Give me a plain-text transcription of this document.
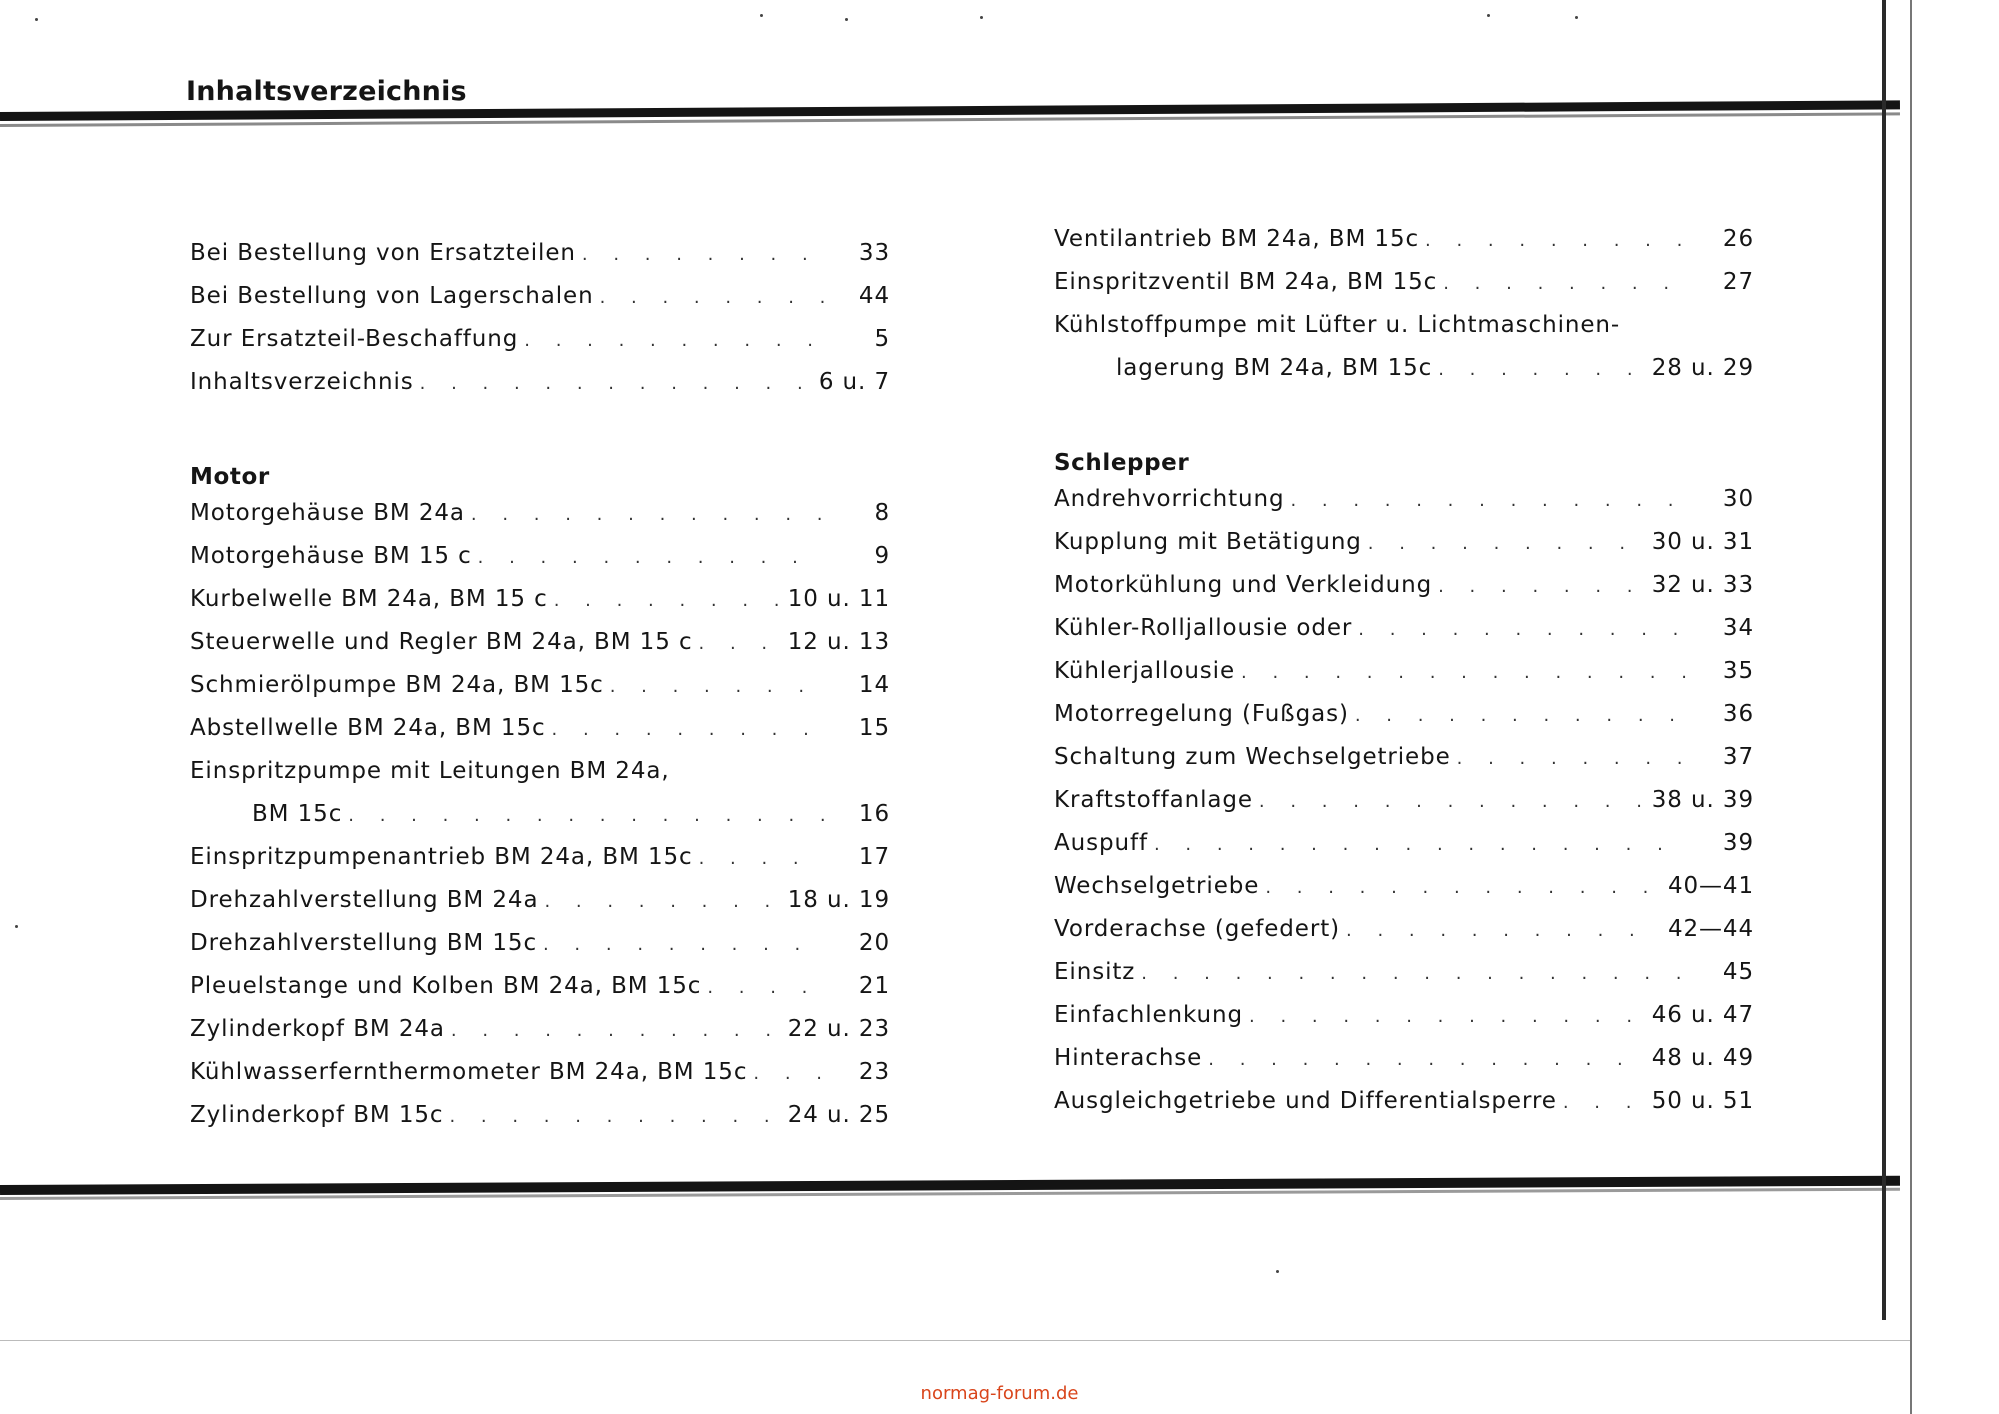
Inhaltsverzeichnis
Bei Bestellung von Ersatzteilen . . .	33
Bei Bestellung von Lagerschalen . . .	44
Zur Ersatzteil-Beschaffung . . .	5
Inhaltsverzeichnis . . .	6 u. 7
Motor
Motorgehäuse BM 24a . . .	8
Motorgehäuse BM 15 c . . .	9
Kurbelwelle BM 24a, BM 15 c . . .	10 u. 11
Steuerwelle und Regler BM 24a, BM 15 c . . .	12 u. 13
Schmierölpumpe BM 24a, BM 15c . . .	14
Abstellwelle BM 24a, BM 15c . . .	15
Einspritzpumpe mit Leitungen BM 24a,
BM 15c . . .	16
Einspritzpumpenantrieb BM 24a, BM 15c . . .	17
Drehzahlverstellung BM 24a . . .	18 u. 19
Drehzahlverstellung BM 15c . . .	20
Pleuelstange und Kolben BM 24a, BM 15c . . .	21
Zylinderkopf BM 24a . . .	22 u. 23
Kühlwasserfernthermometer BM 24a, BM 15c . . .	23
Zylinderkopf BM 15c . . .	24 u. 25
Ventilantrieb BM 24a, BM 15c . . .	26
Einspritzventil BM 24a, BM 15c . . .	27
Kühlstoffpumpe mit Lüfter u. Lichtmaschinen-
lagerung BM 24a, BM 15c . . .	28 u. 29
Schlepper
Andrehvorrichtung . . .	30
Kupplung mit Betätigung . . .	30 u. 31
Motorkühlung und Verkleidung . . .	32 u. 33
Kühler-Rolljallousie oder . . .	34
Kühlerjallousie . . .	35
Motorregelung (Fußgas) . . .	36
Schaltung zum Wechselgetriebe . . .	37
Kraftstoffanlage . . .	38 u. 39
Auspuff . . .	39
Wechselgetriebe . . .	40—41
Vorderachse (gefedert) . . .	42—44
Einsitz . . .	45
Einfachlenkung . . .	46 u. 47
Hinterachse . . .	48 u. 49
Ausgleichgetriebe und Differentialsperre . . .	50 u. 51
normag-forum.de
